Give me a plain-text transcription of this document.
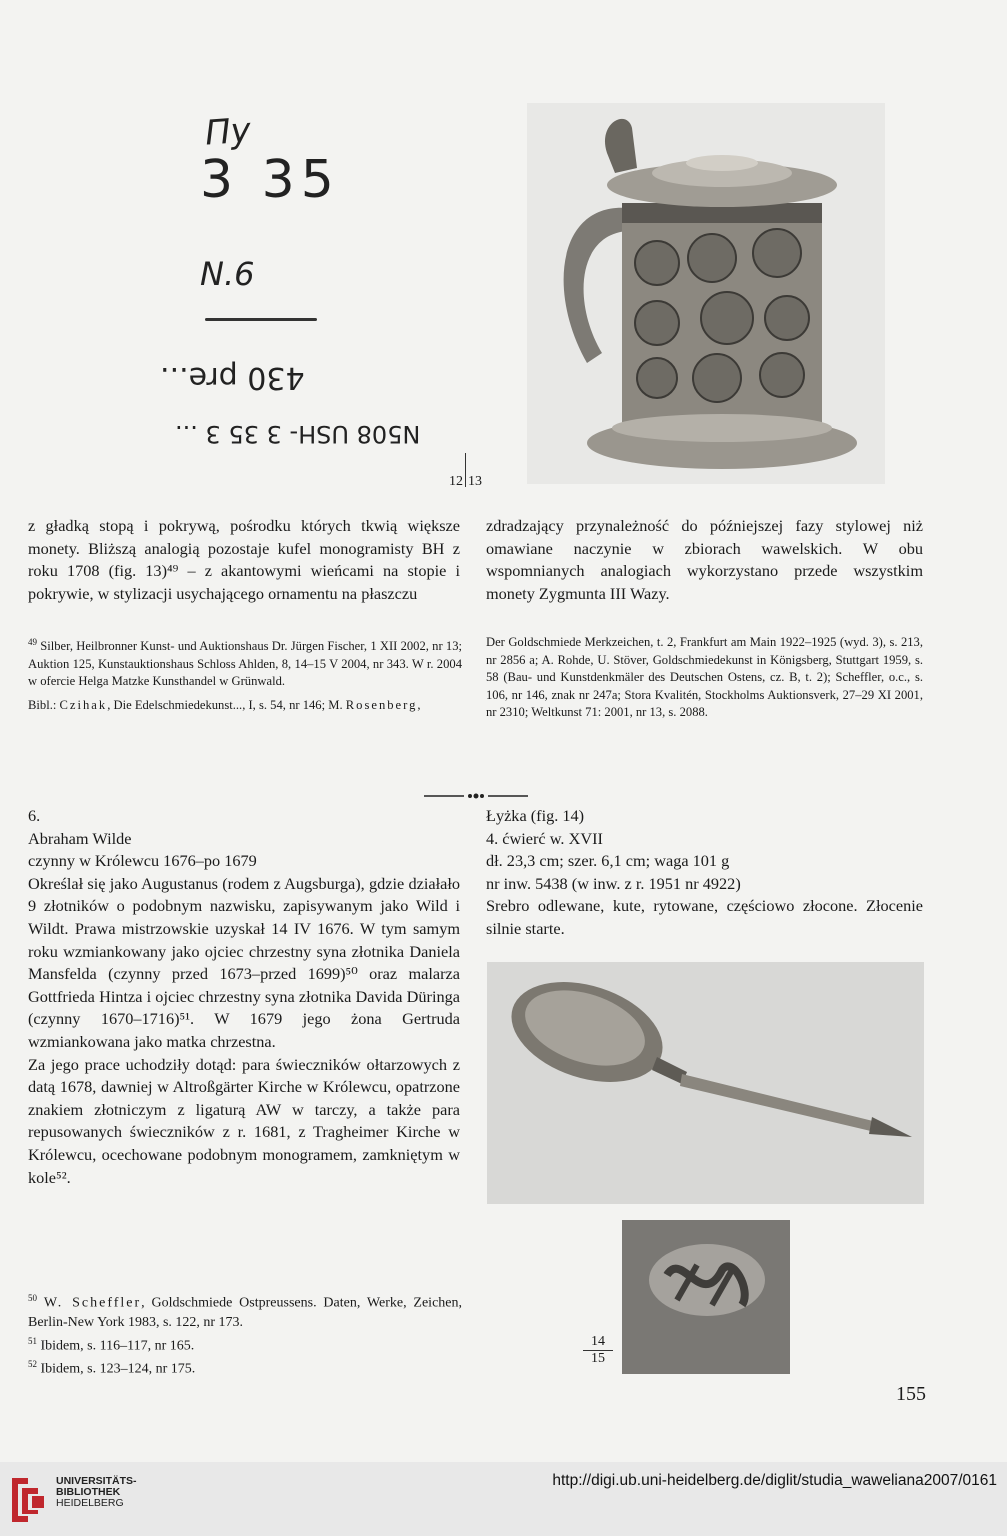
Пу
3 35
N.6
430 pre...
N508 USH- 3 35 3 ...
12 13

z gładką stopą i pokrywą, pośrodku których tkwią większe monety. Bliższą analogią pozostaje kufel monogramisty BH z roku 1708 (fig. 13)⁴⁹ – z akantowymi wieńcami na stopie i pokrywie, w stylizacji usychającego ornamentu na płaszczu

zdradzający przynależność do późniejszej fazy stylowej niż omawiane naczynie w zbiorach wawelskich. W obu wspomnianych analogiach wykorzystano przede wszystkim monety Zygmunta III Wazy.

$^{49}$ Silber, Heilbronner Kunst- und Auktionshaus Dr. Jürgen Fischer, 1 XII 2002, nr 13; Auktion 125, Kunstauktionshaus Schloss Ahlden, 8, 14–15 V 2004, nr 343. W r. 2004 w ofercie Helga Matzke Kunsthandel w Grünwald.

Bibl.: Czihak, Die Edelschmiedekunst..., I, s. 54, nr 146; M. Rosenberg,

Der Goldschmiede Merkzeichen, t. 2, Frankfurt am Main 1922–1925 (wyd. 3), s. 213, nr 2856 a; A. Rohde, U. Stöver, Goldschmiedekunst in Königsberg, Stuttgart 1959, s. 58 (Bau- und Kunstdenkmäler des Deutschen Ostens, cz. B, t. 2); Scheffler, o.c., s. 106, nr 146, znak nr 247a; Stora Kvalitén, Stockholms Auktionsverk, 27–29 XI 2001, nr 2310; Weltkunst 71: 2001, nr 13, s. 2088.

6.

Abraham Wilde

czynny w Królewcu 1676–po 1679

Określał się jako Augustanus (rodem z Augsburga), gdzie działało 9 złotników o podobnym nazwisku, zapisywanym jako Wild i Wildt. Prawa mistrzowskie uzyskał 14 IV 1676. W tym samym roku wzmiankowany jako ojciec chrzestny syna złotnika Daniela Mansfelda (czynny przed 1673–przed 1699)⁵⁰ oraz malarza Gottfrieda Hintza i ojciec chrzestny syna złotnika Davida Düringa (czynny 1670–1716)⁵¹. W 1679 jego żona Gertruda wzmiankowana jako matka chrzestna.

Za jego prace uchodziły dotąd: para świeczników ołtarzowych z datą 1678, dawniej w Altroßgärter Kirche w Królewcu, opatrzone znakiem złotniczym z ligaturą AW w tarczy, a także para repusowanych świeczników z r. 1681, z Tragheimer Kirche w Królewcu, ocechowane podobnym monogramem, zamkniętym w kole⁵².

Łyżka (fig. 14)

4. ćwierć w. XVII

dł. 23,3 cm; szer. 6,1 cm; waga 101 g

nr inw. 5438 (w inw. z r. 1951 nr 4922)

Srebro odlewane, kute, rytowane, częściowo złocone. Złocenie silnie starte.

14
15

$^{50}$ W. Scheffler, Goldschmiede Ostpreussens. Daten, Werke, Zeichen, Berlin-New York 1983, s. 122, nr 173.

$^{51}$ Ibidem, s. 116–117, nr 165.

$^{52}$ Ibidem, s. 123–124, nr 175.

155
UNIVERSITÄTS-
BIBLIOTHEK
HEIDELBERG
http://digi.ub.uni-heidelberg.de/diglit/studia_waweliana2007/0161
